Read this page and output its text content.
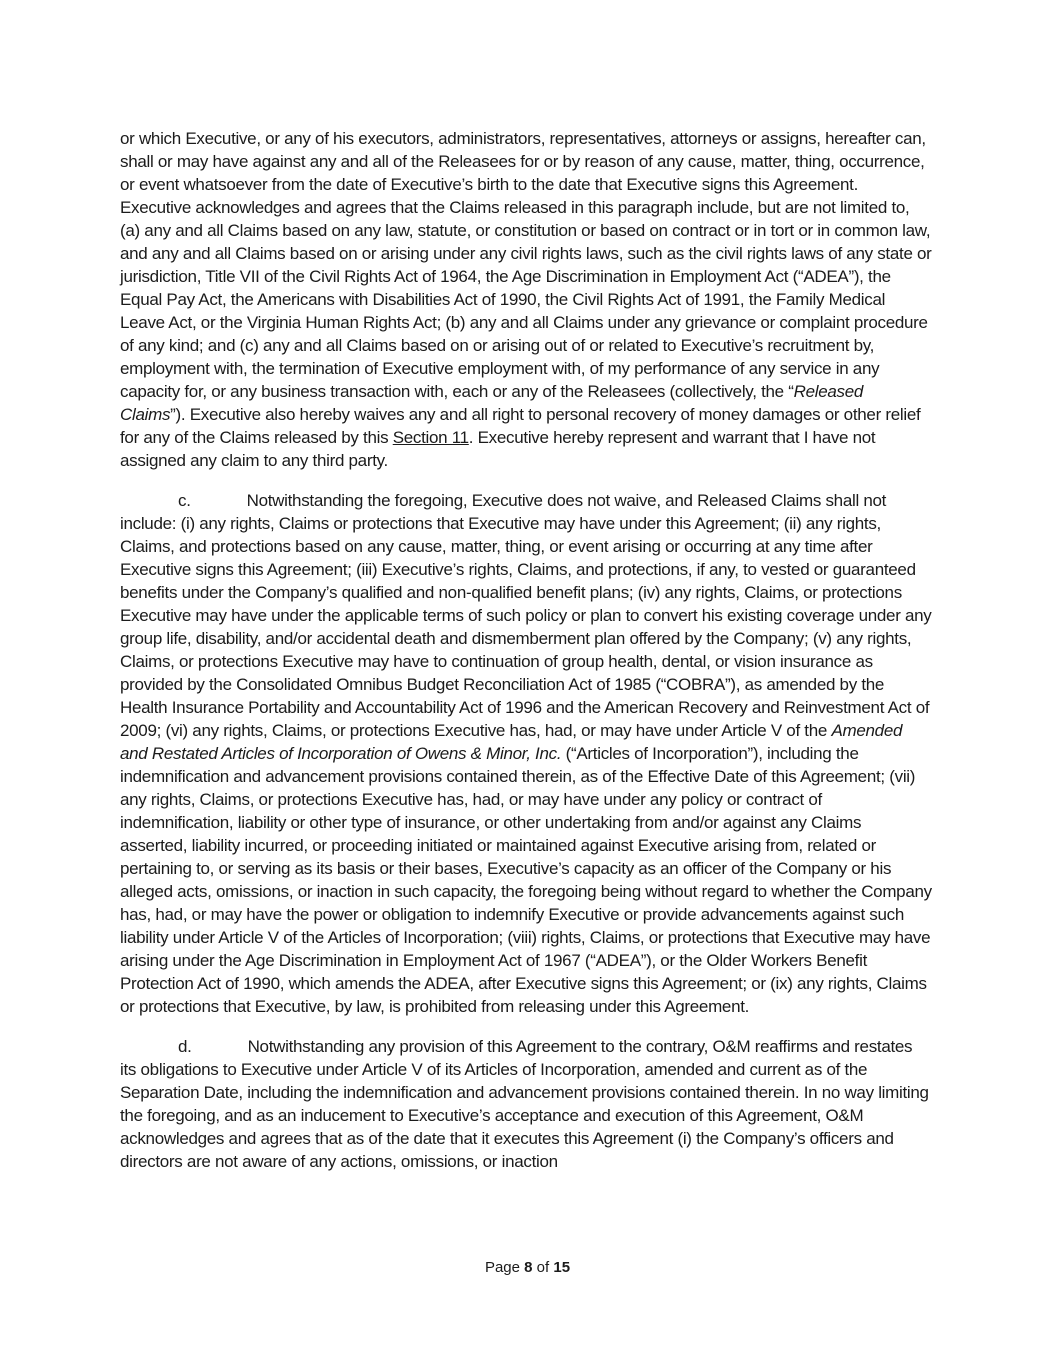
or which Executive, or any of his executors, administrators, representatives, attorneys or assigns, hereafter can, shall or may have against any and all of the Releasees for or by reason of any cause, matter, thing, occurrence, or event whatsoever from the date of Executive’s birth to the date that Executive signs this Agreement. Executive acknowledges and agrees that the Claims released in this paragraph include, but are not limited to, (a) any and all Claims based on any law, statute, or constitution or based on contract or in tort or in common law, and any and all Claims based on or arising under any civil rights laws, such as the civil rights laws of any state or jurisdiction, Title VII of the Civil Rights Act of 1964, the Age Discrimination in Employment Act (“ADEA”), the Equal Pay Act, the Americans with Disabilities Act of 1990, the Civil Rights Act of 1991, the Family Medical Leave Act, or the Virginia Human Rights Act; (b) any and all Claims under any grievance or complaint procedure of any kind; and (c) any and all Claims based on or arising out of or related to Executive’s recruitment by, employment with, the termination of Executive employment with, of my performance of any service in any capacity for, or any business transaction with, each or any of the Releasees (collectively, the “Released Claims”). Executive also hereby waives any and all right to personal recovery of money damages or other relief for any of the Claims released by this Section 11. Executive hereby represent and warrant that I have not assigned any claim to any third party.

c.	Notwithstanding the foregoing, Executive does not waive, and Released Claims shall not include: (i) any rights, Claims or protections that Executive may have under this Agreement; (ii) any rights, Claims, and protections based on any cause, matter, thing, or event arising or occurring at any time after Executive signs this Agreement; (iii) Executive’s rights, Claims, and protections, if any, to vested or guaranteed benefits under the Company’s qualified and non-qualified benefit plans; (iv) any rights, Claims, or protections Executive may have under the applicable terms of such policy or plan to convert his existing coverage under any group life, disability, and/or accidental death and dismemberment plan offered by the Company; (v) any rights, Claims, or protections Executive may have to continuation of group health, dental, or vision insurance as provided by the Consolidated Omnibus Budget Reconciliation Act of 1985 (“COBRA”), as amended by the Health Insurance Portability and Accountability Act of 1996 and the American Recovery and Reinvestment Act of 2009; (vi) any rights, Claims, or protections Executive has, had, or may have under Article V of the Amended and Restated Articles of Incorporation of Owens & Minor, Inc. (“Articles of Incorporation”), including the indemnification and advancement provisions contained therein, as of the Effective Date of this Agreement; (vii) any rights, Claims, or protections Executive has, had, or may have under any policy or contract of indemnification, liability or other type of insurance, or other undertaking from and/or against any Claims asserted, liability incurred, or proceeding initiated or maintained against Executive arising from, related or pertaining to, or serving as its basis or their bases, Executive’s capacity as an officer of the Company or his alleged acts, omissions, or inaction in such capacity, the foregoing being without regard to whether the Company has, had, or may have the power or obligation to indemnify Executive or provide advancements against such liability under Article V of the Articles of Incorporation; (viii) rights, Claims, or protections that Executive may have arising under the Age Discrimination in Employment Act of 1967 (“ADEA”), or the Older Workers Benefit Protection Act of 1990, which amends the ADEA, after Executive signs this Agreement; or (ix) any rights, Claims or protections that Executive, by law, is prohibited from releasing under this Agreement.

d.	Notwithstanding any provision of this Agreement to the contrary, O&M reaffirms and restates its obligations to Executive under Article V of its Articles of Incorporation, amended and current as of the Separation Date, including the indemnification and advancement provisions contained therein. In no way limiting the foregoing, and as an inducement to Executive’s acceptance and execution of this Agreement, O&M acknowledges and agrees that as of the date that it executes this Agreement (i) the Company’s officers and directors are not aware of any actions, omissions, or inaction

Page 8 of 15
